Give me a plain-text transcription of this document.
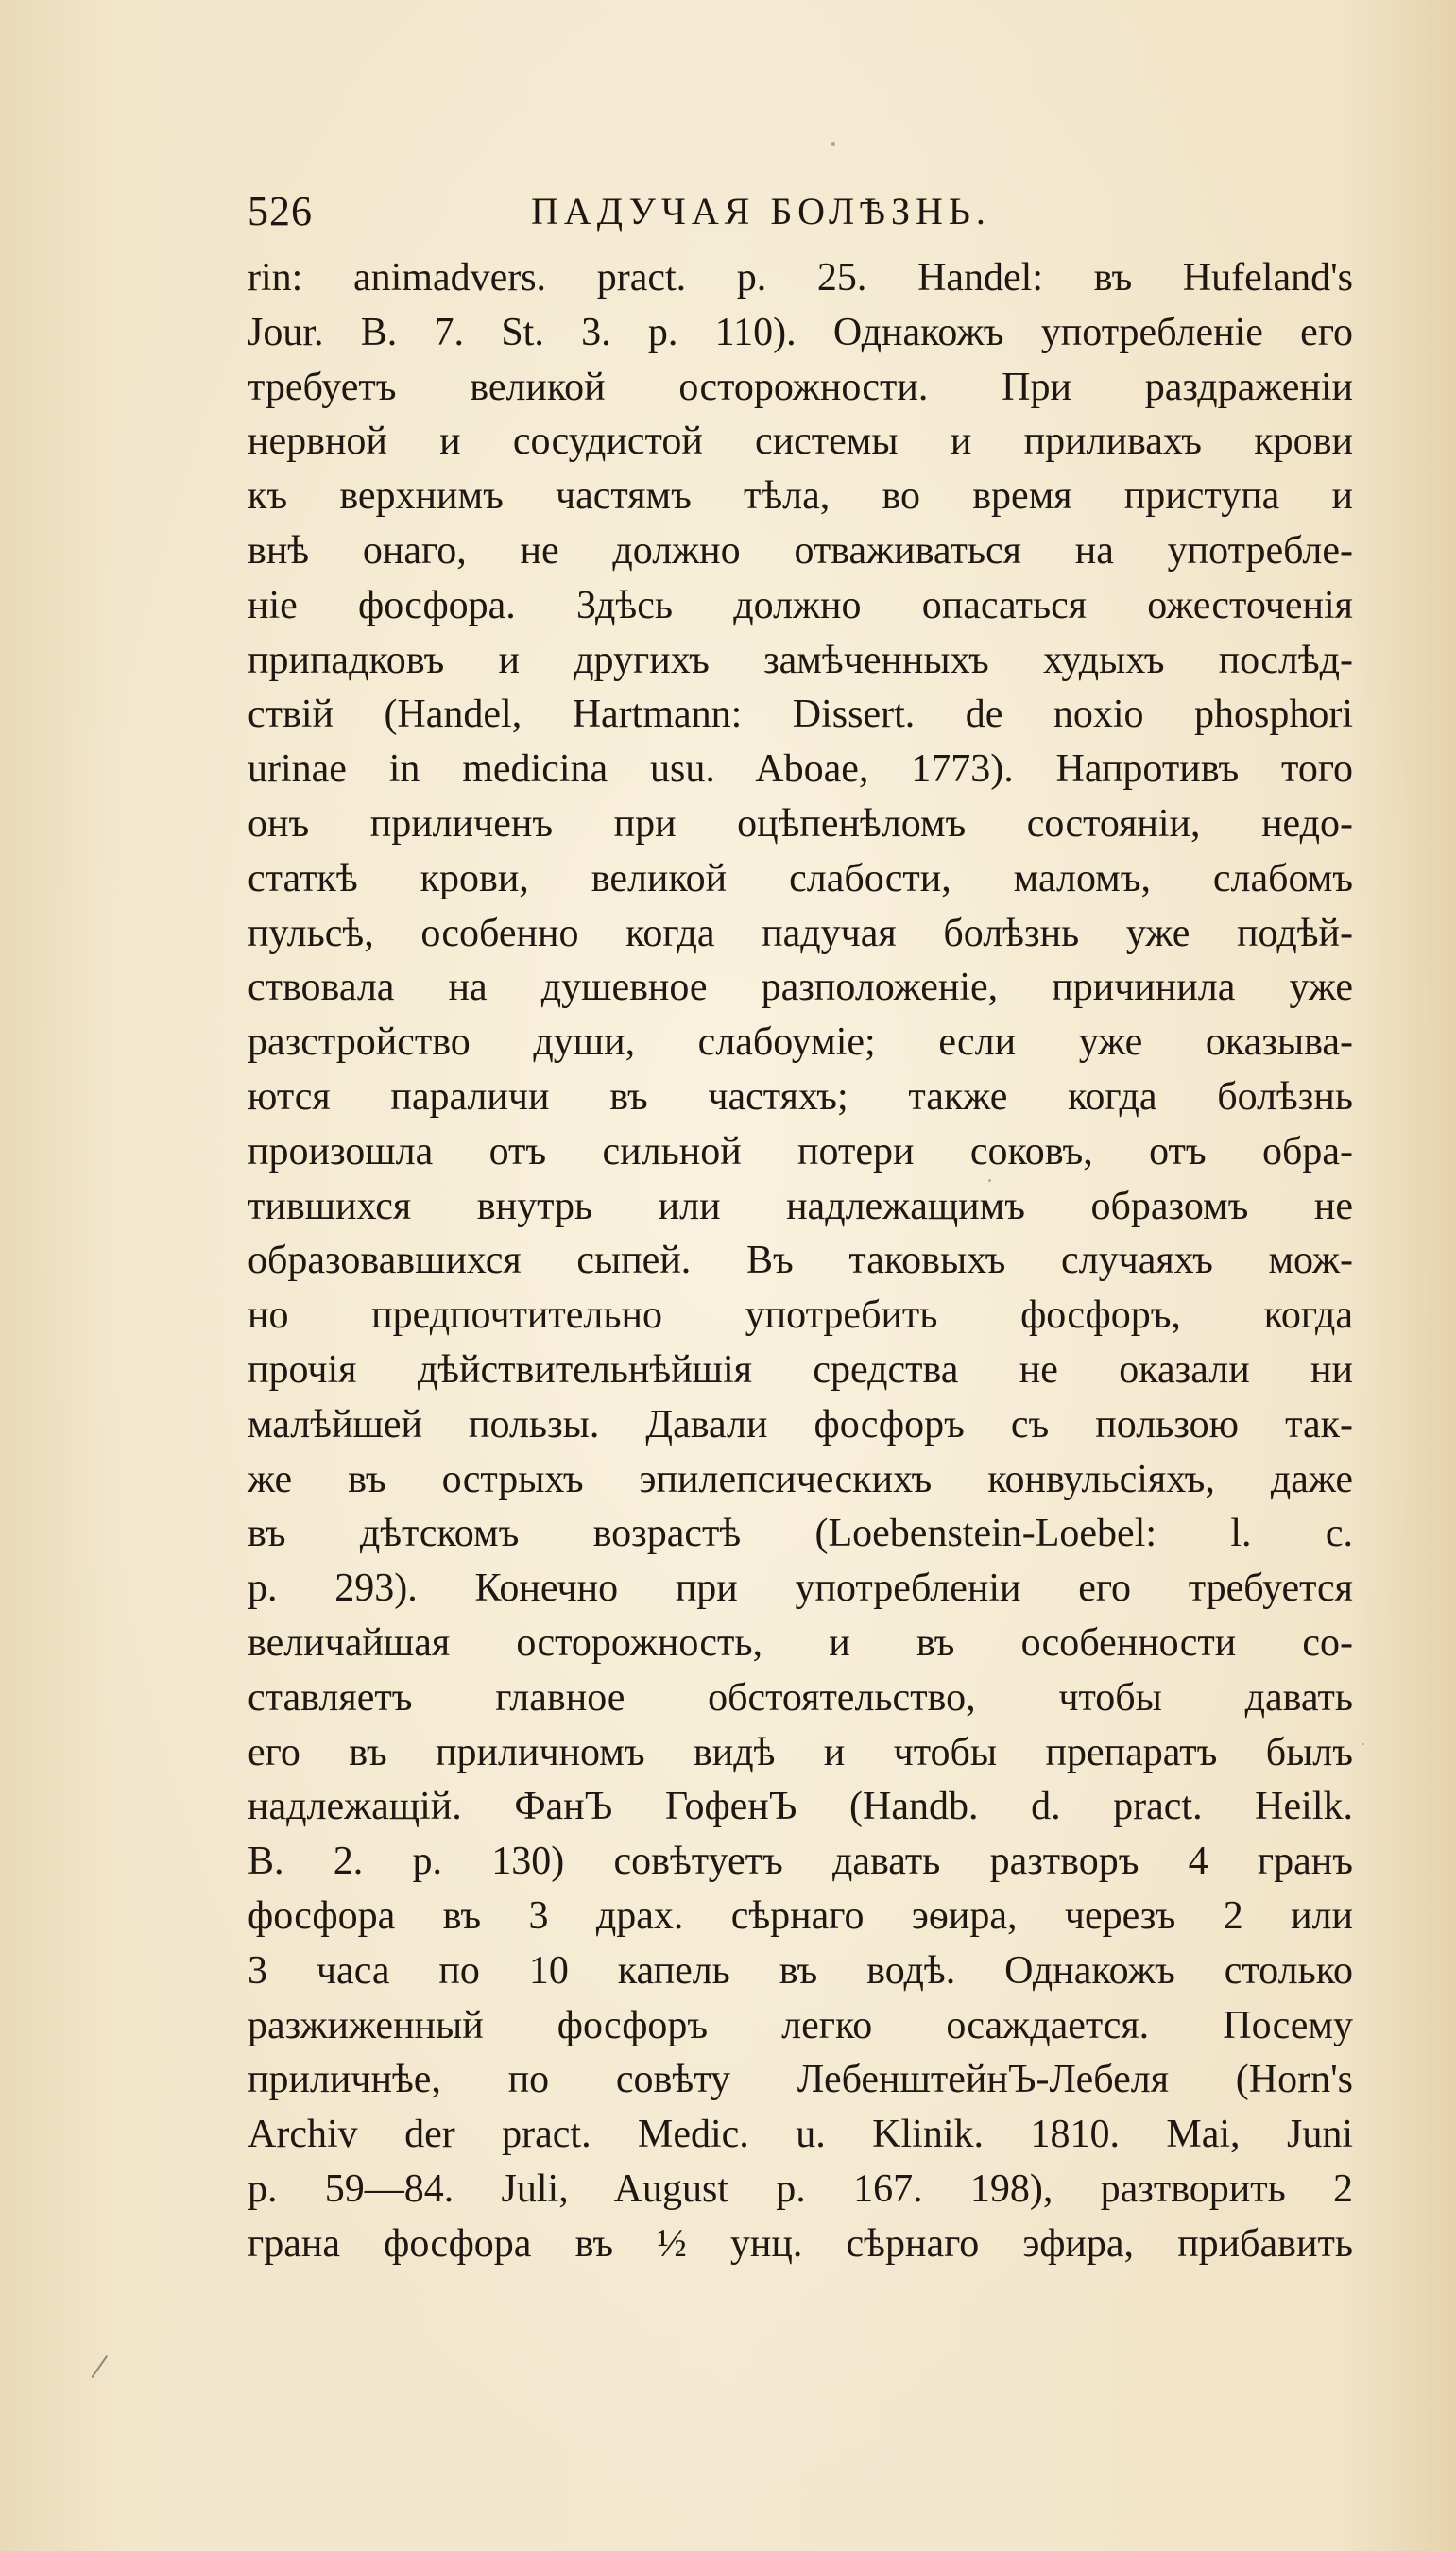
526	ПАДУЧАЯ БОЛѢЗНЬ.
rin: animadvers. pract. p. 25. Handel: въ Hufeland's
Jour. B. 7. St. 3. p. 110). Однакожъ употребленіе его
требуетъ великой осторожности. При раздраженіи
нервной и сосудистой системы и приливахъ крови
къ верхнимъ частямъ тѣла, во время приступа и
внѣ онаго, не должно отваживаться на употребле-
ніе фосфора. Здѣсь должно опасаться ожесточенія
припадковъ и другихъ замѣченныхъ худыхъ послѣд-
ствій (Handel, Hartmann: Dissert. de noxio phosphori
urinae in medicina usu. Aboae, 1773). Напротивъ того
онъ приличенъ при оцѣпенѣломъ состояніи, недо-
статкѣ крови, великой слабости, маломъ, слабомъ
пульсѣ, особенно когда падучая болѣзнь уже подѣй-
ствовала на душевное разположеніе, причинила уже
разстройство души, слабоуміе; если уже оказыва-
ются параличи въ частяхъ; также когда болѣзнь
произошла отъ сильной потери соковъ, отъ обра-
тившихся внутрь или надлежащимъ образомъ не
образовавшихся сыпей. Въ таковыхъ случаяхъ мож-
но предпочтительно употребить фосфоръ, когда
прочія дѣйствительнѣйшія средства не оказали ни
малѣйшей пользы. Давали фосфоръ съ пользою так-
же въ острыхъ эпилепсическихъ конвульсіяхъ, даже
въ дѣтскомъ возрастѣ (Loebenstein-Loebel: l. c.
p. 293). Конечно при употребленіи его требуется
величайшая осторожность, и въ особенности со-
ставляетъ главное обстоятельство, чтобы давать
его въ приличномъ видѣ и чтобы препаратъ былъ
надлежащій. ФанЪ ГофенЪ (Handb. d. pract. Heilk.
B. 2. p. 130) совѣтуетъ давать разтворъ 4 гранъ
фосфора въ 3 драх. сѣрнаго эѳира, черезъ 2 или
3 часа по 10 капель въ водѣ. Однакожъ столько
разжиженный фосфоръ легко осаждается. Посему
приличнѣе, по совѣту ЛебенштейнЪ-Лебеля (Horn's
Archiv der pract. Medic. u. Klinik. 1810. Mai, Juni
p. 59—84. Juli, August p. 167. 198), разтворить 2
грана фосфора въ ½ унц. сѣрнаго эфира, прибавить
